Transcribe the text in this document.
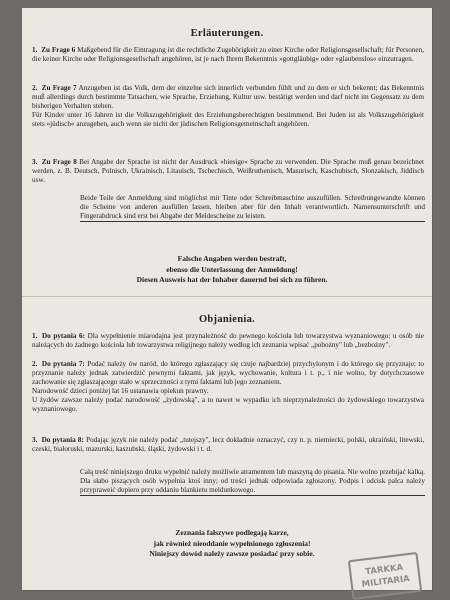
Erläuterungen.

1. Zu Frage 6 Maßgebend für die Eintragung ist die rechtliche Zugehörigkeit zu einer Kirche oder Religionsgesellschaft; für Personen, die keiner Kirche oder Religionsgesellschaft angehören, ist je nach Ihrem Bekenntnis »gottgläubig« oder »glaubenslos« einzutragen.

2. Zu Frage 7 Anzugeben ist das Volk, dem der einzelne sich innerlich verbunden fühlt und zu dem er sich bekennt; das Bekenntnis muß allerdings durch bestimmte Tatsachen, wie Sprache, Erziehung, Kultur usw. bestätigt werden und darf nicht im Gegensatz zu dem bisherigen Verhalten stehen.

Für Kinder unter 16 Jahren ist die Volkszugehörigkeit des Erziehungsberechtigten bestimmend. Bei Juden ist als Volkszugehörigkeit stets »jüdisch« anzugeben, auch wenn sie nicht der jüdischen Religionsgemeinschaft angehören.

3. Zu Frage 8 Bei Angabe der Sprache ist nicht der Ausdruck »hiesige« Sprache zu verwenden. Die Sprache muß genau bezeichnet werden, z. B. Deutsch, Polnisch, Ukrainisch, Litauisch, Tschechisch, Weißruthenisch, Masurisch, Kaschubisch, Slonzakisch, Jiddisch usw.

Beide Teile der Anmeldung sind möglichst mit Tinte oder Schreibmaschine auszufüllen. Schreibungewandte können die Scheine von anderen ausfüllen lassen, bleiben aber für den Inhalt verantwortlich. Namensunterschrift und Fingerabdruck sind erst bei Abgabe der Meldescheine zu leisten.

Falsche Angaben werden bestraft,

ebenso die Unterlassung der Anmeldung!

Diesen Ausweis hat der Inhaber dauernd bei sich zu führen.

Objanienia.

1. Do pytania 6: Dla wypełnienie miarodajna jest przynależność do pewnego kościoła lub towarzystwa wyznaniowego; u osób nie należących do żadnego kościoła lub towarzystwa religijnego należy według ich zeznania wpisać „pobożny" lub „bezbożny".

2. Do pytania 7: Podać należy ów naród, do którego zgłaszający się czuje najbardziej przychylonym i do którego się przyznaje; to przyznanie należy jednak zatwierdzić pewnymi faktami, jak język, wychowanie, kultura i t. p., i nie wolno, by dotychczasowe zachowanie się zgłaszającego stało w sprzeczności z tymi faktami lub jego zeznaniem.

Narodowość dzieci poniżej lat 16 ustanawia opiekun prawny.

U żydów zawsze należy podać narodowość „żydowską", a to nawet w wypadku ich nieprzynależności do żydowskiego towarzystwa wyznaniowego.

3. Do pytania 8: Podając język nie należy podać „tutejszy", lecz dokładnie oznaczyć, czy n. p. niemiecki, polski, ukraiński, litewski, czeski, białoruski, mazurski, kaszubski, śląski, żydowski i t. d.

Całą treść niniejszego druku wypełnić należy możliwie atramentem lub maszyną do pisania. Nie wolno przebijać kalką. Dla słabo piszących osób wypełnia ktoś inny; od treści jednak odpowiada zgłoszony. Podpis i odcisk palca należy przypraweić dopiero przy oddaniu blankietu meldunkowego.

Zeznania fałszywe podlegają karze,

jak również nieoddanie wypełnionego zgłoszenia!

Niniejszy dowód należy zawsze posiadać przy sobie.

TARKKA
MILITARIA
